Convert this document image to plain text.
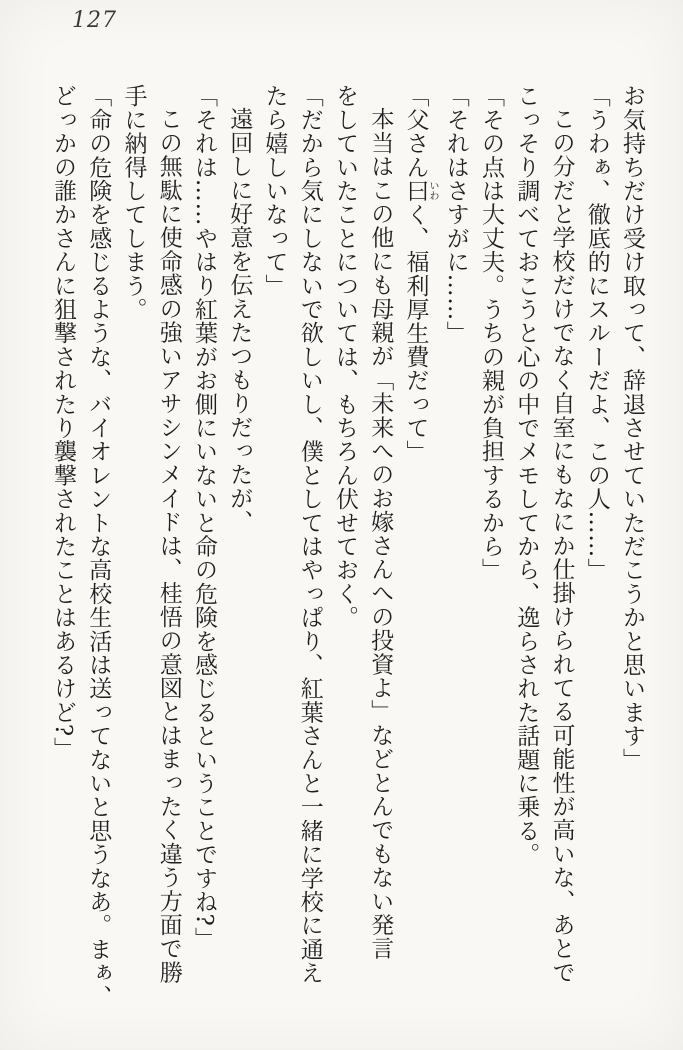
127
お気持ちだけ受け取って、辞退させていただこうかと思います」
「うわぁ、徹底的にスルーだよ、この人……」
この分だと学校だけでなく自室にもなにか仕掛けられてる可能性が高いな、あとで
こっそり調べておこうと心の中でメモしてから、逸らされた話題に乗る。
「その点は大丈夫。うちの親が負担するから」
「それはさすがに……」
「父さん曰いわく、福利厚生費だって」
本当はこの他にも母親が「未来へのお嫁さんへの投資よ」などとんでもない発言
をしていたことについては、もちろん伏せておく。
「だから気にしないで欲しいし、僕としてはやっぱり、紅葉さんと一緒に学校に通え
たら嬉しいなって」
遠回しに好意を伝えたつもりだったが、
「それは……やはり紅葉がお側にいないと命の危険を感じるということですね?」
この無駄に使命感の強いアサシンメイドは、桂悟の意図とはまったく違う方面で勝
手に納得してしまう。
「命の危険を感じるような、バイオレントな高校生活は送ってないと思うなあ。まぁ、
どっかの誰かさんに狙撃されたり襲撃されたことはあるけど?」
